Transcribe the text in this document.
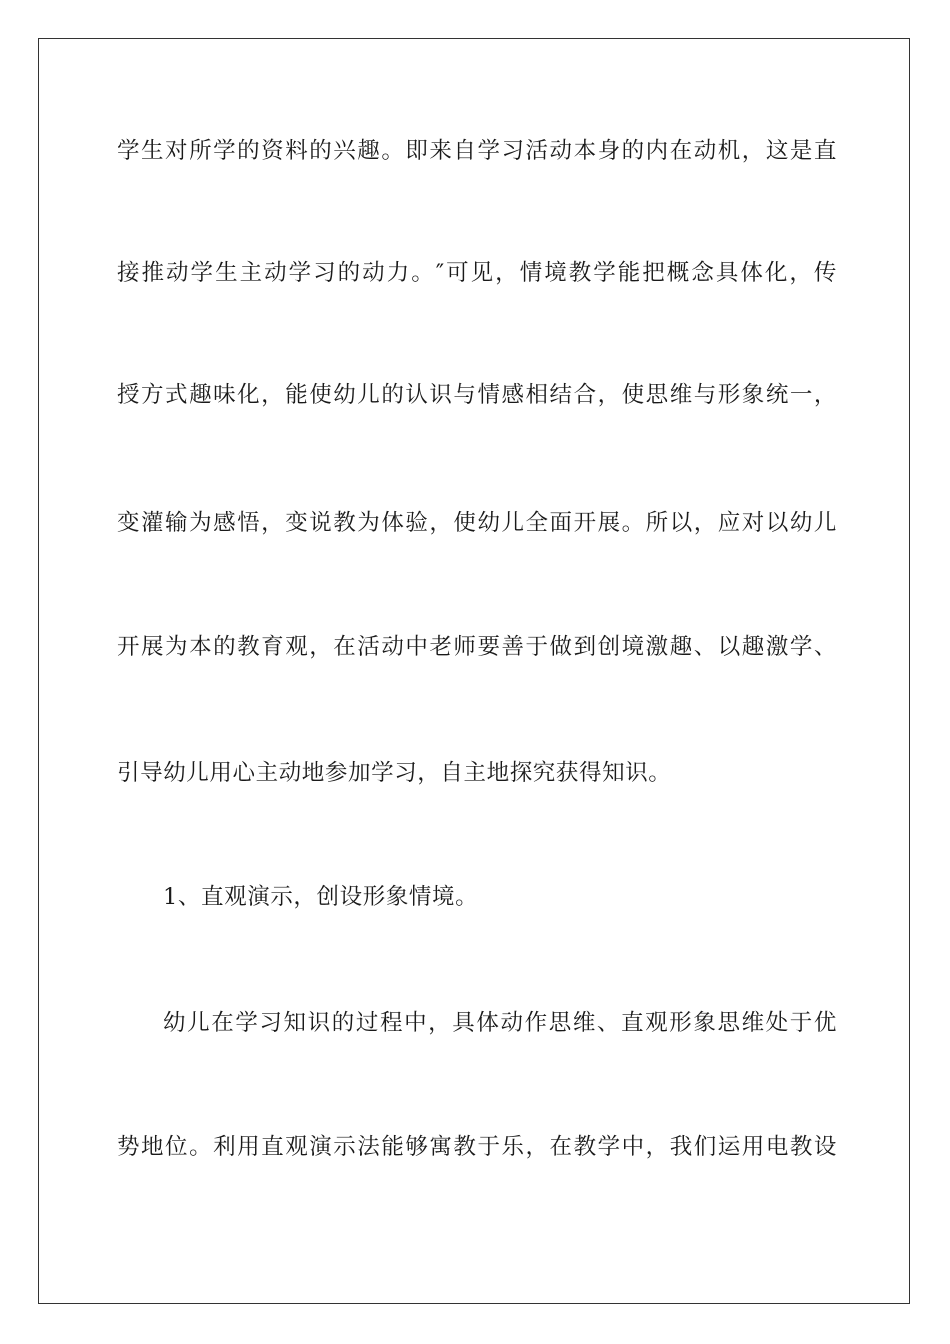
学生对所学的资料的兴趣。即来自学习活动本身的内在动机，这是直
接推动学生主动学习的动力。″可见，情境教学能把概念具体化，传
授方式趣味化，能使幼儿的认识与情感相结合，使思维与形象统一，
变灌输为感悟，变说教为体验，使幼儿全面开展。所以，应对以幼儿
开展为本的教育观，在活动中老师要善于做到创境激趣、以趣激学、
引导幼儿用心主动地参加学习，自主地探究获得知识。
1、直观演示，创设形象情境。
幼儿在学习知识的过程中，具体动作思维、直观形象思维处于优
势地位。利用直观演示法能够寓教于乐，在教学中，我们运用电教设
